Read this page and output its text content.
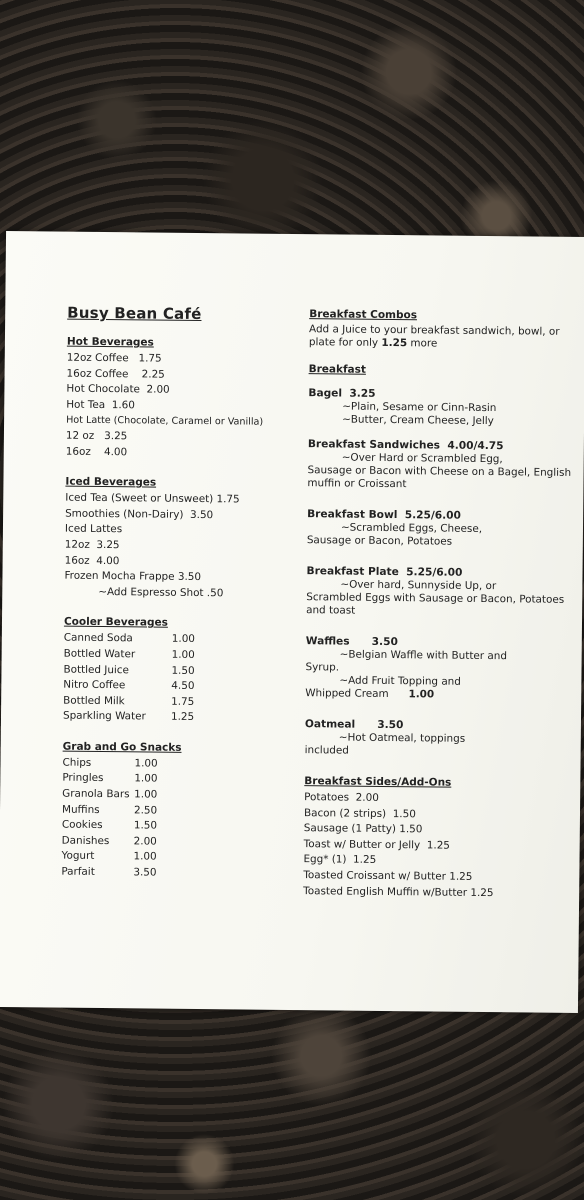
Busy Bean Café
Hot Beverages
12oz Coffee   1.75
16oz Coffee    2.25
Hot Chocolate  2.00
Hot Tea  1.60
Hot Latte (Chocolate, Caramel or Vanilla)
12 oz   3.25
16oz    4.00
Iced Beverages
Iced Tea (Sweet or Unsweet) 1.75
Smoothies (Non-Dairy)  3.50
Iced Lattes
12oz  3.25
16oz  4.00
Frozen Mocha Frappe 3.50
~Add Espresso Shot .50
Cooler Beverages
Canned Soda	1.00
Bottled Water	1.00
Bottled Juice	1.50
Nitro Coffee	4.50
Bottled Milk	1.75
Sparkling Water	1.25
Grab and Go Snacks
Chips	1.00
Pringles	1.00
Granola Bars 1.00
Muffins	2.50
Cookies	1.50
Danishes	2.00
Yogurt	1.00
Parfait	3.50
Breakfast Combos
Add a Juice to your breakfast sandwich, bowl, or plate for only 1.25 more
Breakfast
Bagel 3.25
~Plain, Sesame or Cinn-Rasin
~Butter, Cream Cheese, Jelly
Breakfast Sandwiches 4.00/4.75
~Over Hard or Scrambled Egg,
Sausage or Bacon with Cheese on a Bagel, English muffin or Croissant
Breakfast Bowl 5.25/6.00
~Scrambled Eggs, Cheese,
Sausage or Bacon, Potatoes
Breakfast Plate 5.25/6.00
~Over hard, Sunnyside Up, or
Scrambled Eggs with Sausage or Bacon, Potatoes and toast
Waffles 3.50
~Belgian Waffle with Butter and
Syrup.
~Add Fruit Topping and
Whipped Cream 1.00
Oatmeal 3.50
~Hot Oatmeal, toppings
included
Breakfast Sides/Add-Ons
Potatoes  2.00
Bacon (2 strips)  1.50
Sausage (1 Patty) 1.50
Toast w/ Butter or Jelly  1.25
Egg* (1)  1.25
Toasted Croissant w/ Butter 1.25
Toasted English Muffin w/Butter 1.25
